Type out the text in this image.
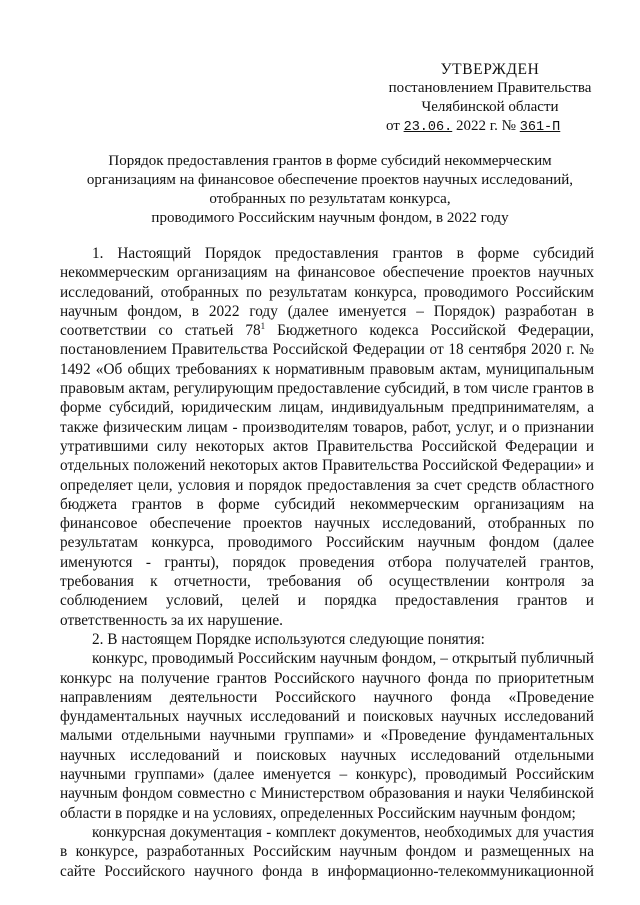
УТВЕРЖДЕН
постановлением Правительства
Челябинской области
от 23.06. 2022 г. № 361-П
Порядок предоставления грантов в форме субсидий некоммерческим
организациям на финансовое обеспечение проектов научных исследований,
отобранных по результатам конкурса,
проводимого Российским научным фондом, в 2022 году

1. Настоящий Порядок предоставления грантов в форме субсидий некоммерческим организациям на финансовое обеспечение проектов научных исследований, отобранных по результатам конкурса, проводимого Российским научным фондом, в 2022 году (далее именуется – Порядок) разработан в соответствии со статьей $78^1$ Бюджетного кодекса Российской Федерации, постановлением Правительства Российской Федерации от 18 сентября 2020 г. № 1492 «Об общих требованиях к нормативным правовым актам, муниципальным правовым актам, регулирующим предоставление субсидий, в том числе грантов в форме субсидий, юридическим лицам, индивидуальным предпринимателям, а также физическим лицам - производителям товаров, работ, услуг, и о признании утратившими силу некоторых актов Правительства Российской Федерации и отдельных положений некоторых актов Правительства Российской Федерации» и определяет цели, условия и порядок предоставления за счет средств областного бюджета грантов в форме субсидий некоммерческим организациям на финансовое обеспечение проектов научных исследований, отобранных по результатам конкурса, проводимого Российским научным фондом (далее именуются - гранты), порядок проведения отбора получателей грантов, требования к отчетности, требования об осуществлении контроля за соблюдением условий, целей и порядка предоставления грантов и ответственность за их нарушение.

2. В настоящем Порядке используются следующие понятия:

конкурс, проводимый Российским научным фондом, – открытый публичный конкурс на получение грантов Российского научного фонда по приоритетным направлениям деятельности Российского научного фонда «Проведение фундаментальных научных исследований и поисковых научных исследований малыми отдельными научными группами» и «Проведение фундаментальных научных исследований и поисковых научных исследований отдельными научными группами» (далее именуется – конкурс), проводимый Российским научным фондом совместно с Министерством образования и науки Челябинской области в порядке и на условиях, определенных Российским научным фондом;

конкурсная документация - комплект документов, необходимых для участия в конкурсе, разработанных Российским научным фондом и размещенных на сайте Российского научного фонда в информационно-телекоммуникационной
